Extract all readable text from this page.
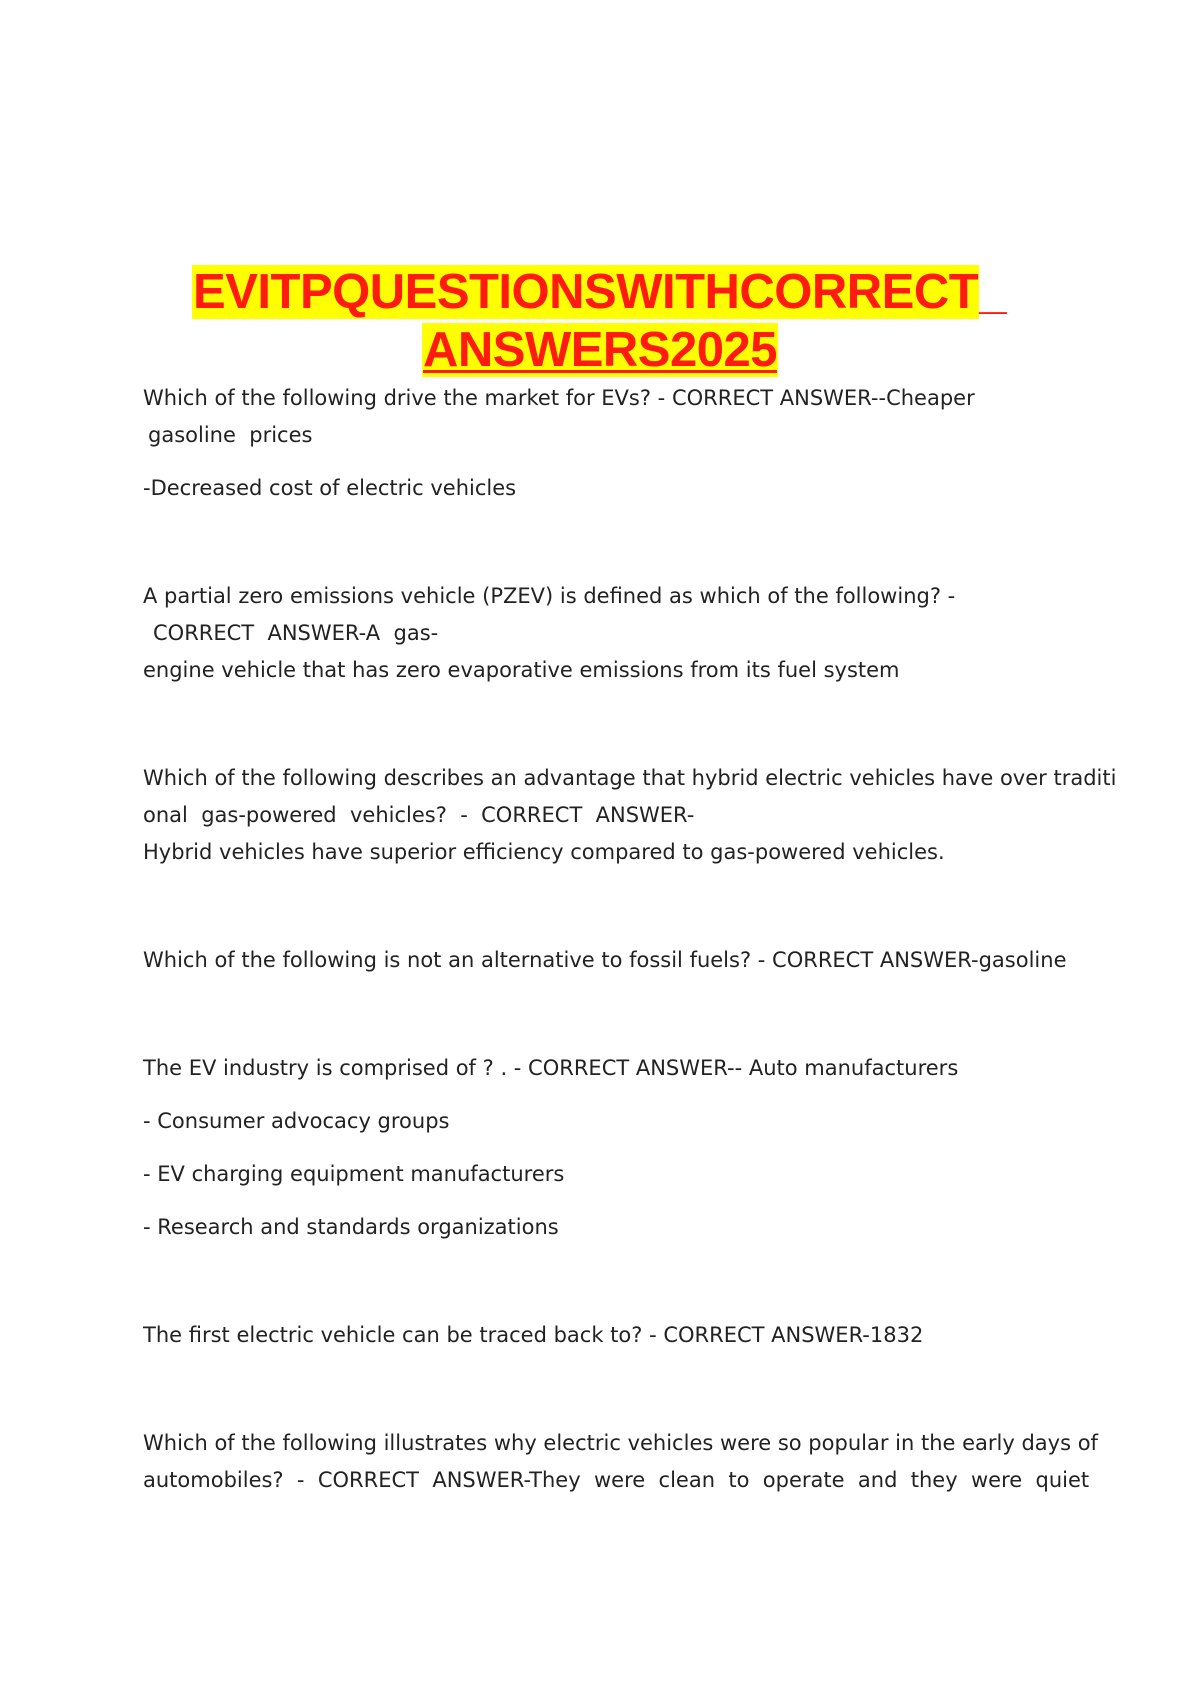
EVITPQUESTIONSWITHCORRECT_
ANSWERS2025

Which of the following drive the market for EVs? - CORRECT ANSWER--Cheaper

gasoline  prices

-Decreased cost of electric vehicles

A partial zero emissions vehicle (PZEV) is defined as which of the following? -

CORRECT  ANSWER-A  gas-

engine vehicle that has zero evaporative emissions from its fuel system

Which of the following describes an advantage that hybrid electric vehicles have over traditi

onal  gas-powered  vehicles?  -  CORRECT  ANSWER-

Hybrid vehicles have superior efficiency compared to gas-powered vehicles.

Which of the following is not an alternative to fossil fuels? - CORRECT ANSWER-gasoline

The EV industry is comprised of ? . - CORRECT ANSWER-- Auto manufacturers

- Consumer advocacy groups

- EV charging equipment manufacturers

- Research and standards organizations

The first electric vehicle can be traced back to? - CORRECT ANSWER-1832

Which of the following illustrates why electric vehicles were so popular in the early days of

automobiles?  -  CORRECT  ANSWER-They  were  clean  to  operate  and  they  were  quiet
